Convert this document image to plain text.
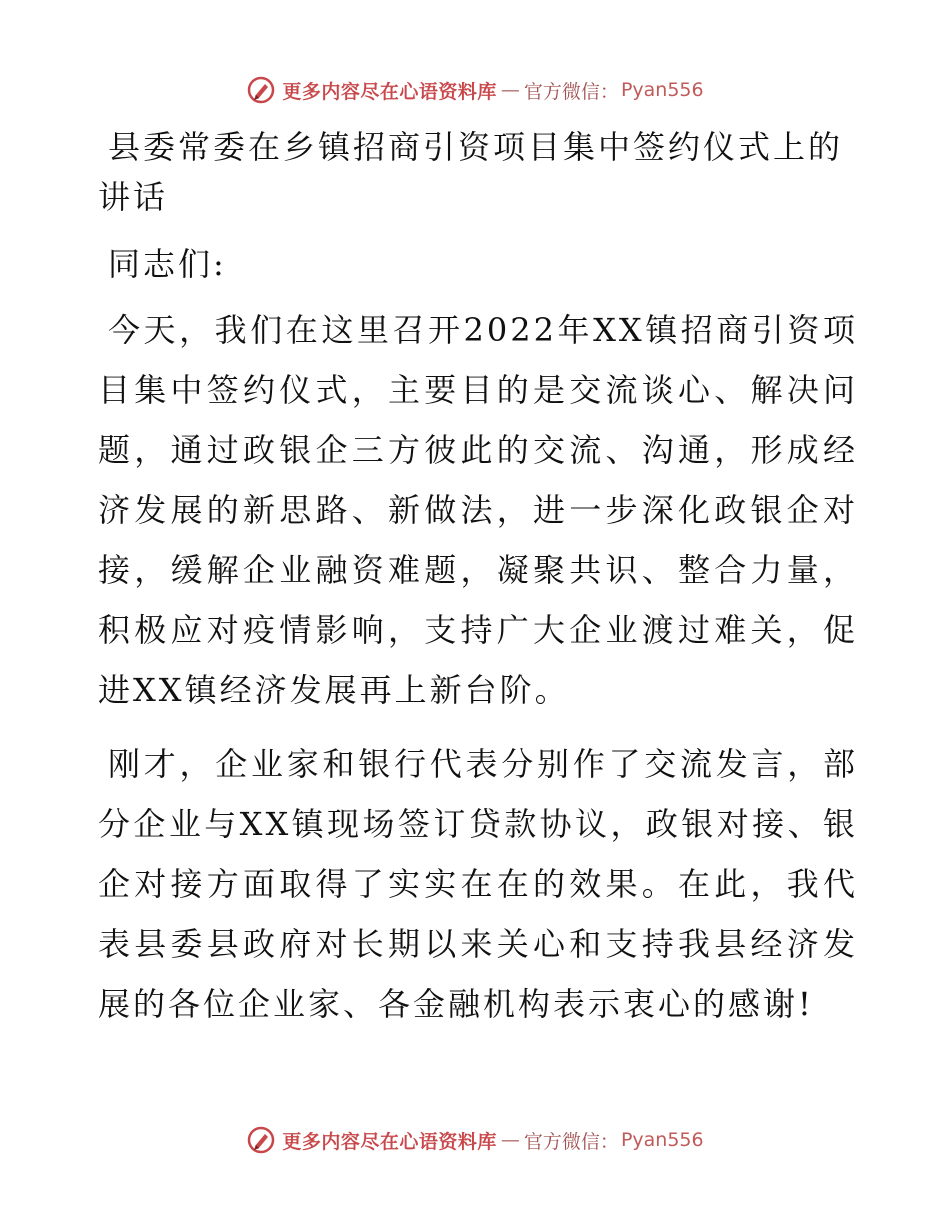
更多内容尽在心语资料库 — 官方微信： Pyan556
县委常委在乡镇招商引资项目集中签约仪式上的讲话

同志们:

今天，我们在这里召开2022年XX镇招商引资项目集中签约仪式，主要目的是交流谈心、解决问题，通过政银企三方彼此的交流、沟通，形成经济发展的新思路、新做法，进一步深化政银企对接，缓解企业融资难题，凝聚共识、整合力量，积极应对疫情影响，支持广大企业渡过难关，促进XX镇经济发展再上新台阶。

刚才，企业家和银行代表分别作了交流发言，部分企业与XX镇现场签订贷款协议，政银对接、银企对接方面取得了实实在在的效果。在此，我代表县委县政府对长期以来关心和支持我县经济发展的各位企业家、各金融机构表示衷心的感谢!

更多内容尽在心语资料库 — 官方微信： Pyan556
